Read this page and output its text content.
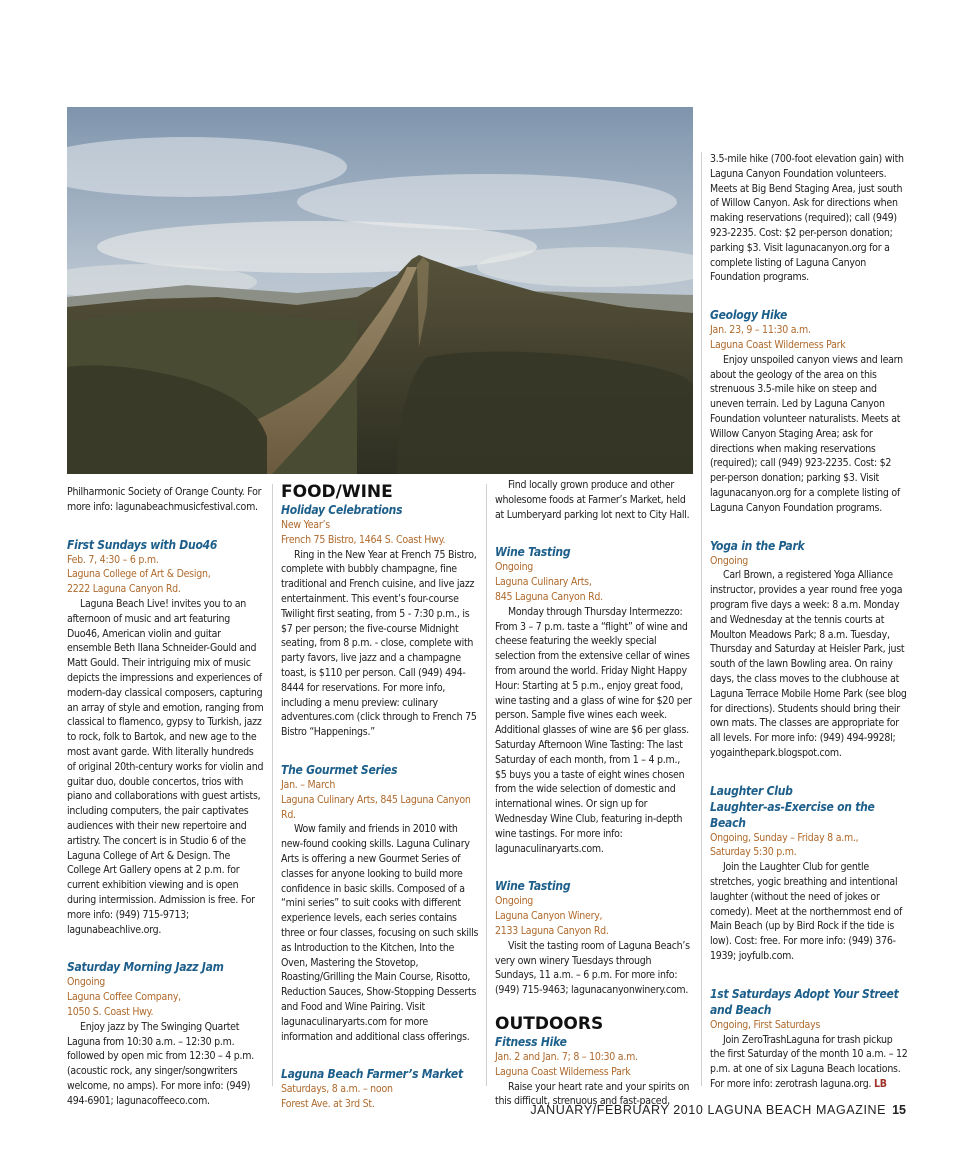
Philharmonic Society of Orange County. For more info: lagunabeachmusicfestival.com.

First Sundays with Duo46

Feb. 7, 4:30 – 6 p.m.

Laguna College of Art & Design,

2222 Laguna Canyon Rd.

Laguna Beach Live! invites you to an afternoon of music and art featuring Duo46, American violin and guitar ensemble Beth Ilana Schneider-Gould and Matt Gould. Their intriguing mix of music depicts the impressions and experiences of modern-day classical composers, capturing an array of style and emotion, ranging from classical to flamenco, gypsy to Turkish, jazz to rock, folk to Bartok, and new age to the most avant garde. With literally hundreds of original 20th-century works for violin and guitar duo, double concertos, trios with piano and collaborations with guest artists, including computers, the pair captivates audiences with their new repertoire and artistry. The concert is in Studio 6 of the Laguna College of Art & Design. The College Art Gallery opens at 2 p.m. for current exhibition viewing and is open during intermission. Admission is free. For more info: (949) 715-9713; lagunabeachlive.org.

Saturday Morning Jazz Jam

Ongoing

Laguna Coffee Company,

1050 S. Coast Hwy.

Enjoy jazz by The Swinging Quartet Laguna from 10:30 a.m. – 12:30 p.m. followed by open mic from 12:30 – 4 p.m. (acoustic rock, any singer/songwriters welcome, no amps). For more info: (949) 494-6901; lagunacoffeeco.com.

FOOD/WINE

Holiday Celebrations

New Year’s

French 75 Bistro, 1464 S. Coast Hwy.

Ring in the New Year at French 75 Bistro, complete with bubbly champagne, fine traditional and French cuisine, and live jazz entertainment. This event’s four-course Twilight first seating, from 5 - 7:30 p.m., is $7 per person; the five-course Midnight seating, from 8 p.m. - close, complete with party favors, live jazz and a champagne toast, is $110 per person. Call (949) 494-8444 for reservations. For more info, including a menu preview: culinary adventures.com (click through to French 75 Bistro “Happenings.”

The Gourmet Series

Jan. – March

Laguna Culinary Arts, 845 Laguna Canyon Rd.

Wow family and friends in 2010 with new-found cooking skills. Laguna Culinary Arts is offering a new Gourmet Series of classes for anyone looking to build more confidence in basic skills. Composed of a “mini series” to suit cooks with different experience levels, each series contains three or four classes, focusing on such skills as Introduction to the Kitchen, Into the Oven, Mastering the Stovetop, Roasting/Grilling the Main Course, Risotto, Reduction Sauces, Show-Stopping Desserts and Food and Wine Pairing. Visit lagunaculinaryarts.com for more information and additional class offerings.

Laguna Beach Farmer’s Market

Saturdays, 8 a.m. – noon

Forest Ave. at 3rd St.

Find locally grown produce and other wholesome foods at Farmer’s Market, held at Lumberyard parking lot next to City Hall.

Wine Tasting

Ongoing

Laguna Culinary Arts,

845 Laguna Canyon Rd.

Monday through Thursday Intermezzo: From 3 – 7 p.m. taste a “flight” of wine and cheese featuring the weekly special selection from the extensive cellar of wines from around the world. Friday Night Happy Hour: Starting at 5 p.m., enjoy great food, wine tasting and a glass of wine for $20 per person. Sample five wines each week. Additional glasses of wine are $6 per glass. Saturday Afternoon Wine Tasting: The last Saturday of each month, from 1 – 4 p.m., $5 buys you a taste of eight wines chosen from the wide selection of domestic and international wines. Or sign up for Wednesday Wine Club, featuring in-depth wine tastings. For more info: lagunaculinaryarts.com.

Wine Tasting

Ongoing

Laguna Canyon Winery,

2133 Laguna Canyon Rd.

Visit the tasting room of Laguna Beach’s very own winery Tuesdays through Sundays, 11 a.m. – 6 p.m. For more info: (949) 715-9463; lagunacanyonwinery.com.

OUTDOORS

Fitness Hike

Jan. 2 and Jan. 7; 8 – 10:30 a.m.

Laguna Coast Wilderness Park

Raise your heart rate and your spirits on this difficult, strenuous and fast-paced,

3.5-mile hike (700-foot elevation gain) with Laguna Canyon Foundation volunteers. Meets at Big Bend Staging Area, just south of Willow Canyon. Ask for directions when making reservations (required); call (949) 923-2235. Cost: $2 per-person donation; parking $3. Visit lagunacanyon.org for a complete listing of Laguna Canyon Foundation programs.

Geology Hike

Jan. 23, 9 – 11:30 a.m.

Laguna Coast Wilderness Park

Enjoy unspoiled canyon views and learn about the geology of the area on this strenuous 3.5-mile hike on steep and uneven terrain. Led by Laguna Canyon Foundation volunteer naturalists. Meets at Willow Canyon Staging Area; ask for directions when making reservations (required); call (949) 923-2235. Cost: $2 per-person donation; parking $3. Visit lagunacanyon.org for a complete listing of Laguna Canyon Foundation programs.

Yoga in the Park

Ongoing

Carl Brown, a registered Yoga Alliance instructor, provides a year round free yoga program five days a week: 8 a.m. Monday and Wednesday at the tennis courts at Moulton Meadows Park; 8 a.m. Tuesday, Thursday and Saturday at Heisler Park, just south of the lawn Bowling area. On rainy days, the class moves to the clubhouse at Laguna Terrace Mobile Home Park (see blog for directions). Students should bring their own mats. The classes are appropriate for all levels. For more info: (949) 494-9928l; yogainthepark.blogspot.com.

Laughter Club

Laughter-as-Exercise on the Beach

Ongoing, Sunday – Friday 8 a.m.,

Saturday 5:30 p.m.

Join the Laughter Club for gentle stretches, yogic breathing and intentional laughter (without the need of jokes or comedy). Meet at the northernmost end of Main Beach (up by Bird Rock if the tide is low). Cost: free. For more info: (949) 376-1939; joyfulb.com.

1st Saturdays Adopt Your Street and Beach

Ongoing, First Saturdays

Join ZeroTrashLaguna for trash pickup the first Saturday of the month 10 a.m. – 12 p.m. at one of six Laguna Beach locations. For more info: zerotrash laguna.org. LB

JANUARY/FEBRUARY 2010 LAGUNA BEACH MAGAZINE 15
